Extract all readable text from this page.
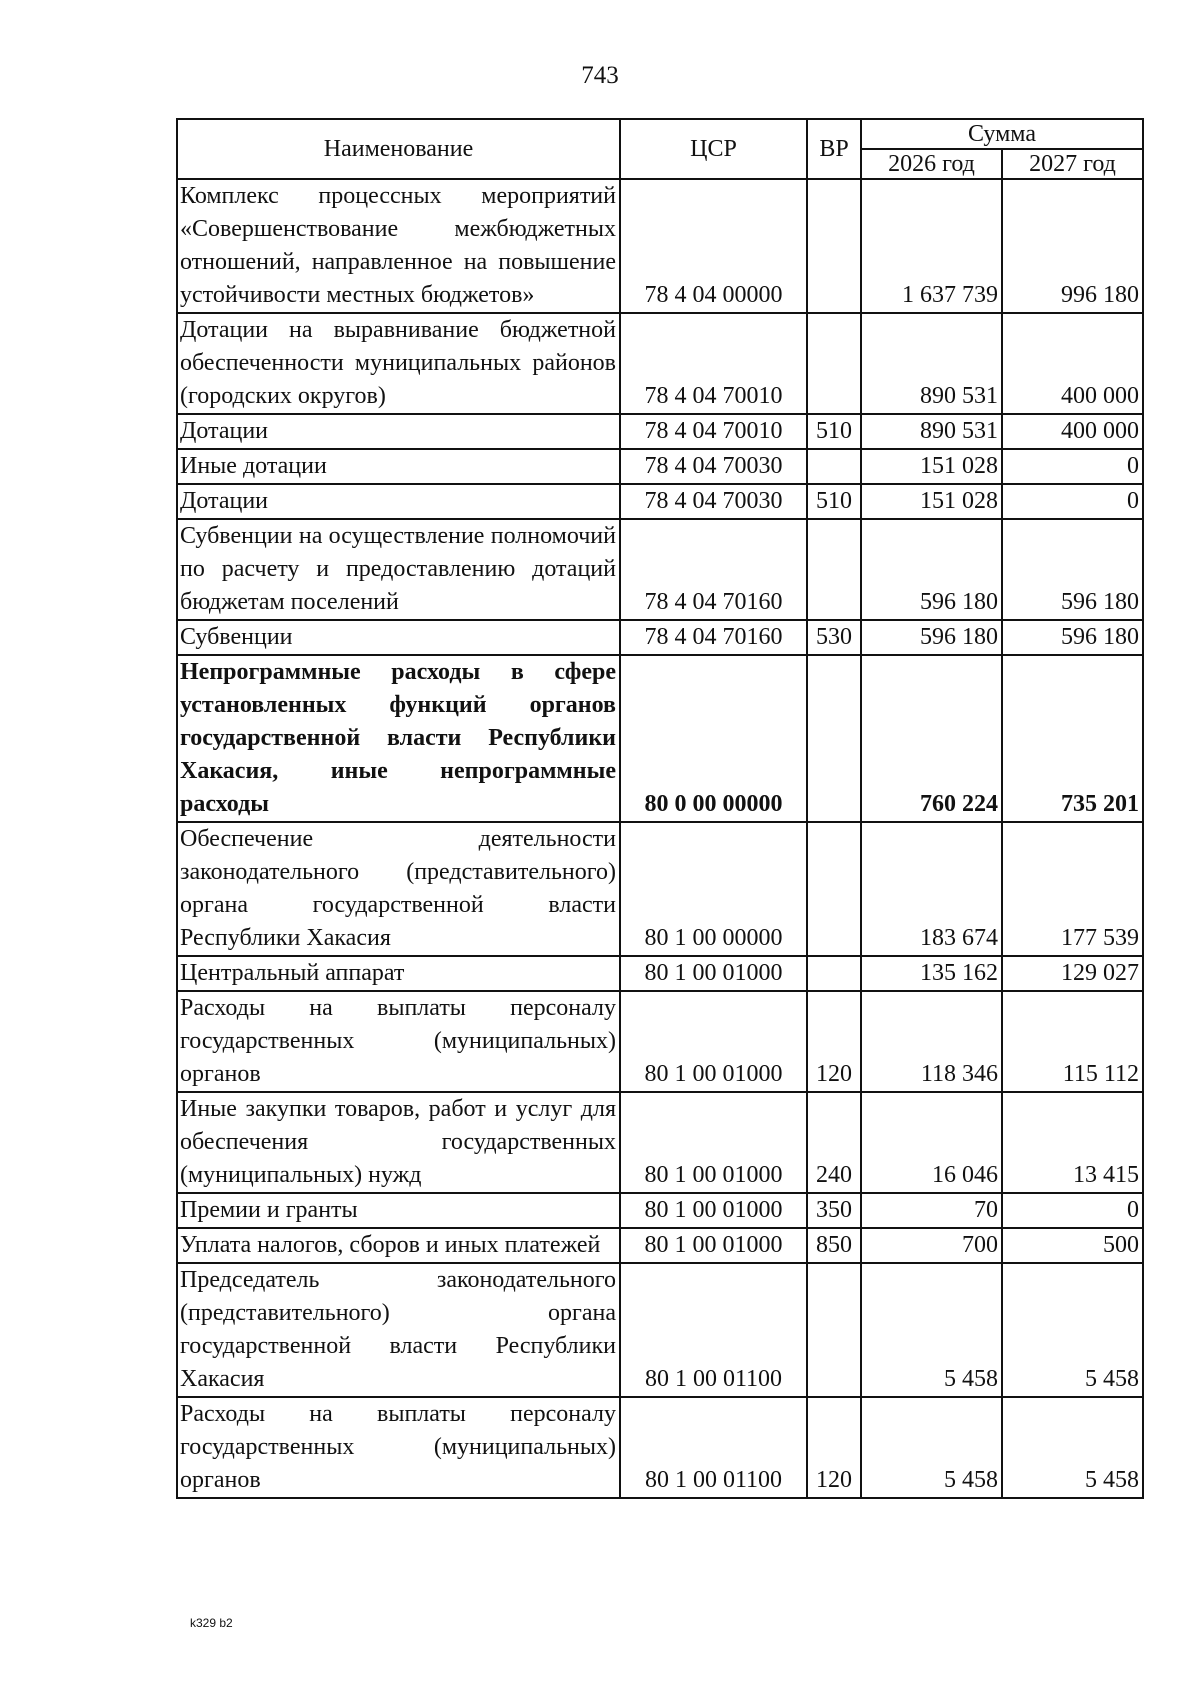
743
Наименование	ЦСР	ВР	Сумма	
			2026 год	2027 год
Комплекс процессных мероприятий «Совершенствование межбюджетных отношений, направленное на повышение устойчивости местных бюджетов»	78 4 04 00000		1 637 739	996 180
Дотации на выравнивание бюджетной обеспеченности муниципальных районов (городских округов)	78 4 04 70010		890 531	400 000
Дотации	78 4 04 70010	510	890 531	400 000
Иные дотации	78 4 04 70030		151 028	0
Дотации	78 4 04 70030	510	151 028	0
Субвенции на осуществление полномочий по расчету и предоставлению дотаций бюджетам поселений	78 4 04 70160		596 180	596 180
Субвенции	78 4 04 70160	530	596 180	596 180
Непрограммные расходы в сфере установленных функций органов государственной власти Республики Хакасия, иные непрограммные расходы	80 0 00 00000		760 224	735 201
Обеспечение деятельности законодательного (представительного) органа государственной власти Республики Хакасия	80 1 00 00000		183 674	177 539
Центральный аппарат	80 1 00 01000		135 162	129 027
Расходы на выплаты персоналу государственных (муниципальных) органов	80 1 00 01000	120	118 346	115 112
Иные закупки товаров, работ и услуг для обеспечения государственных (муниципальных) нужд	80 1 00 01000	240	16 046	13 415
Премии и гранты	80 1 00 01000	350	70	0
Уплата налогов, сборов и иных платежей	80 1 00 01000	850	700	500
Председатель законодательного (представительного) органа государственной власти Республики Хакасия	80 1 00 01100		5 458	5 458
Расходы на выплаты персоналу государственных (муниципальных) органов	80 1 00 01100	120	5 458	5 458
k329 b2
